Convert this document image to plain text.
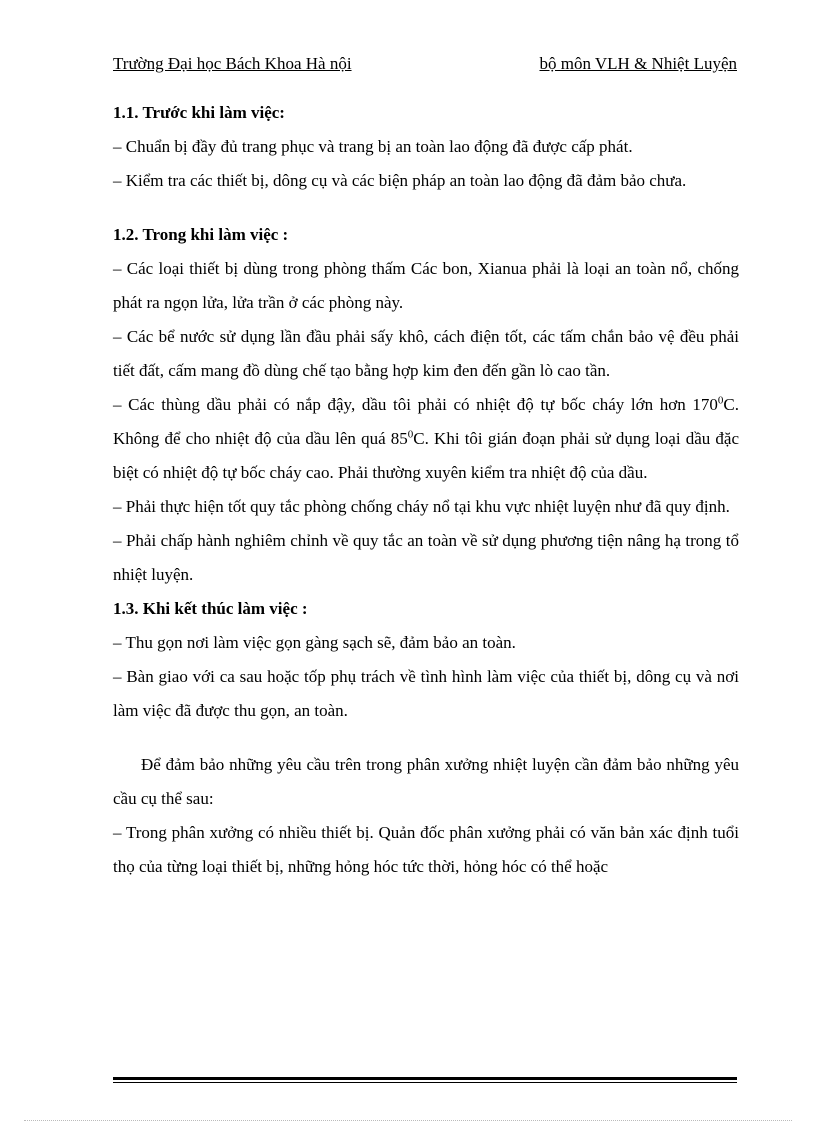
Trường Đại học Bách Khoa Hà nội	bộ môn VLH & Nhiệt Luyện
1.1. Trước khi làm việc:

– Chuẩn bị đầy đủ trang phục và trang bị an toàn lao động đã được cấp phát.

– Kiểm tra các thiết bị, dông cụ và các biện pháp an toàn lao động đã đảm bảo chưa.

1.2. Trong khi làm việc :

– Các loại thiết bị dùng trong phòng thấm Các bon, Xianua phải là loại an toàn nổ, chống phát ra ngọn lửa, lửa trần ở các phòng này.

– Các bể nước sử dụng lần đầu phải sấy khô, cách điện tốt, các tấm chắn bảo vệ đều phải tiết đất, cấm mang đồ dùng chế tạo bằng hợp kim đen đến gần lò cao tần.

– Các thùng dầu phải có nắp đậy, dầu tôi phải có nhiệt độ tự bốc cháy lớn hơn $170^0C$. Không để cho nhiệt độ của dầu lên quá $85^0C$. Khi tôi gián đoạn phải sử dụng loại dầu đặc biệt có nhiệt độ tự bốc cháy cao. Phải thường xuyên kiểm tra nhiệt độ của dầu.

– Phải thực hiện tốt quy tắc phòng chống cháy nổ tại khu vực nhiệt luyện như đã quy định.

– Phải chấp hành nghiêm chỉnh về quy tắc an toàn về sử dụng phương tiện nâng hạ trong tổ nhiệt luyện.

1.3. Khi kết thúc làm việc :

– Thu gọn nơi làm việc gọn gàng sạch sẽ, đảm bảo an toàn.

– Bàn giao với ca sau hoặc tốp phụ trách về tình hình làm việc của thiết bị, dông cụ và nơi làm việc đã được thu gọn, an toàn.

Để đảm bảo những yêu cầu trên trong phân xưởng nhiệt luyện cần đảm bảo những yêu cầu cụ thể sau:

– Trong phân xưởng có nhiều thiết bị. Quản đốc phân xưởng phải có văn bản xác định tuổi thọ của từng loại thiết bị, những hỏng hóc tức thời, hỏng hóc có thể hoặc
